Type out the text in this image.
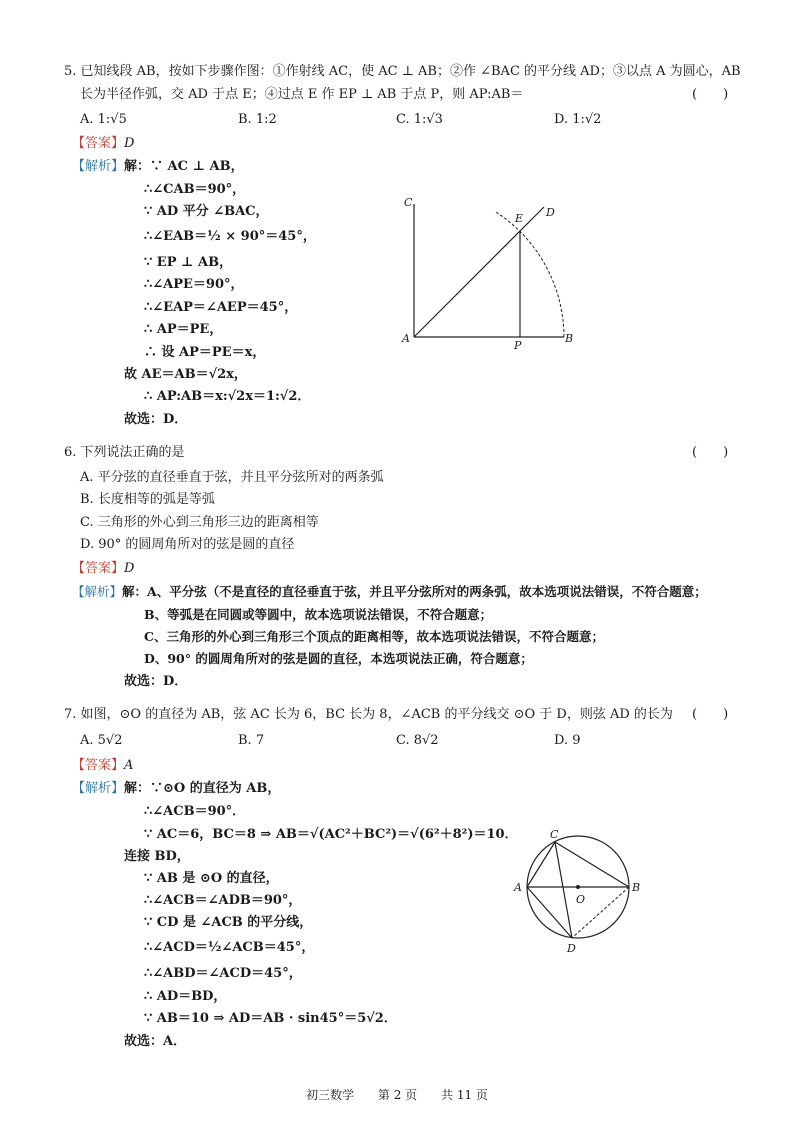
5. 已知线段 AB，按如下步骤作图：①作射线 AC，使 AC ⊥ AB；②作 ∠BAC 的平分线 AD；③以点 A 为圆心，AB
长为半径作弧，交 AD 于点 E；④过点 E 作 EP ⊥ AB 于点 P，则 AP:AB＝	(　　)
A. 1:√5	B. 1:2	C. 1:√3	D. 1:√2
【答案】D
【解析】解：∵ AC ⊥ AB，
∴∠CAB＝90°，
∵ AD 平分 ∠BAC，
∴∠EAB＝½ × 90°＝45°，
∵ EP ⊥ AB，
∴∠APE＝90°，
∴∠EAP＝∠AEP＝45°，
∴ AP＝PE，
∴ 设 AP＝PE＝x，
故 AE＝AB＝√2x，
∴ AP:AB＝x:√2x＝1:√2．
故选：D．
C
E D
A
P
B
6. 下列说法正确的是	(　　)
A. 平分弦的直径垂直于弦，并且平分弦所对的两条弧
B. 长度相等的弧是等弧
C. 三角形的外心到三角形三边的距离相等
D. 90° 的圆周角所对的弦是圆的直径
【答案】D
【解析】解：A、平分弦（不是直径的直径垂直于弦，并且平分弦所对的两条弧，故本选项说法错误，不符合题意；
B、等弧是在同圆或等圆中，故本选项说法错误，不符合题意；
C、三角形的外心到三角形三个顶点的距离相等，故本选项说法错误，不符合题意；
D、90° 的圆周角所对的弦是圆的直径，本选项说法正确，符合题意；
故选：D．
7. 如图，⊙O 的直径为 AB，弦 AC 长为 6，BC 长为 8，∠ACB 的平分线交 ⊙O 于 D，则弦 AD 的长为 (　　)
A. 5√2	B. 7	C. 8√2	D. 9
【答案】A
【解析】解：∵⊙O 的直径为 AB，
∴∠ACB＝90°．
∵ AC＝6，BC＝8 ⇒ AB＝√(AC²＋BC²)＝√(6²＋8²)＝10．
连接 BD，
∵ AB 是 ⊙O 的直径，
∴∠ACB＝∠ADB＝90°，
∵ CD 是 ∠ACB 的平分线，
∴∠ACD＝½∠ACB＝45°，
∴∠ABD＝∠ACD＝45°，
∴ AD＝BD，
∵ AB＝10 ⇒ AD＝AB · sin45°＝5√2．
故选：A．
C
A
O
B
D
初三数学 第 2 页 共 11 页
